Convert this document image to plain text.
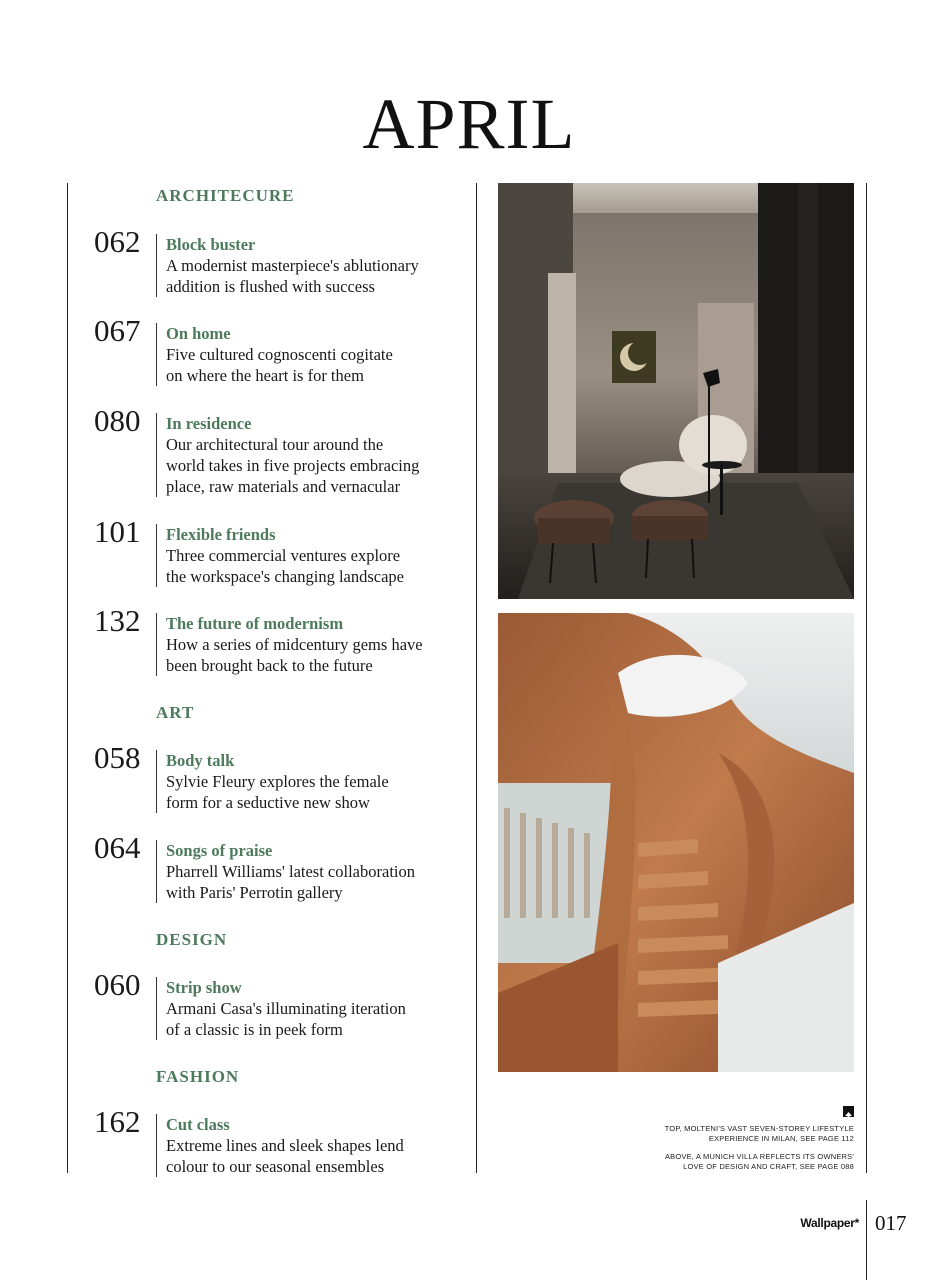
APRIL
ARCHITECURE
ART
DESIGN
FASHION
062 Block buster
A modernist masterpiece's ablutionary
addition is flushed with success
067 On home
Five cultured cognoscenti cogitate
on where the heart is for them
080 In residence
Our architectural tour around the
world takes in five projects embracing
place, raw materials and vernacular
101 Flexible friends
Three commercial ventures explore
the workspace's changing landscape
132 The future of modernism
How a series of midcentury gems have
been brought back to the future
058 Body talk
Sylvie Fleury explores the female
form for a seductive new show
064 Songs of praise
Pharrell Williams' latest collaboration
with Paris' Perrotin gallery
060 Strip show
Armani Casa's illuminating iteration
of a classic is in peek form
162 Cut class
Extreme lines and sleek shapes lend
colour to our seasonal ensembles
TOP, MOLTENI'S VAST SEVEN-STOREY LIFESTYLE
EXPERIENCE IN MILAN, SEE PAGE 112
ABOVE, A MUNICH VILLA REFLECTS ITS OWNERS'
LOVE OF DESIGN AND CRAFT, SEE PAGE 088
Wallpaper* 017
